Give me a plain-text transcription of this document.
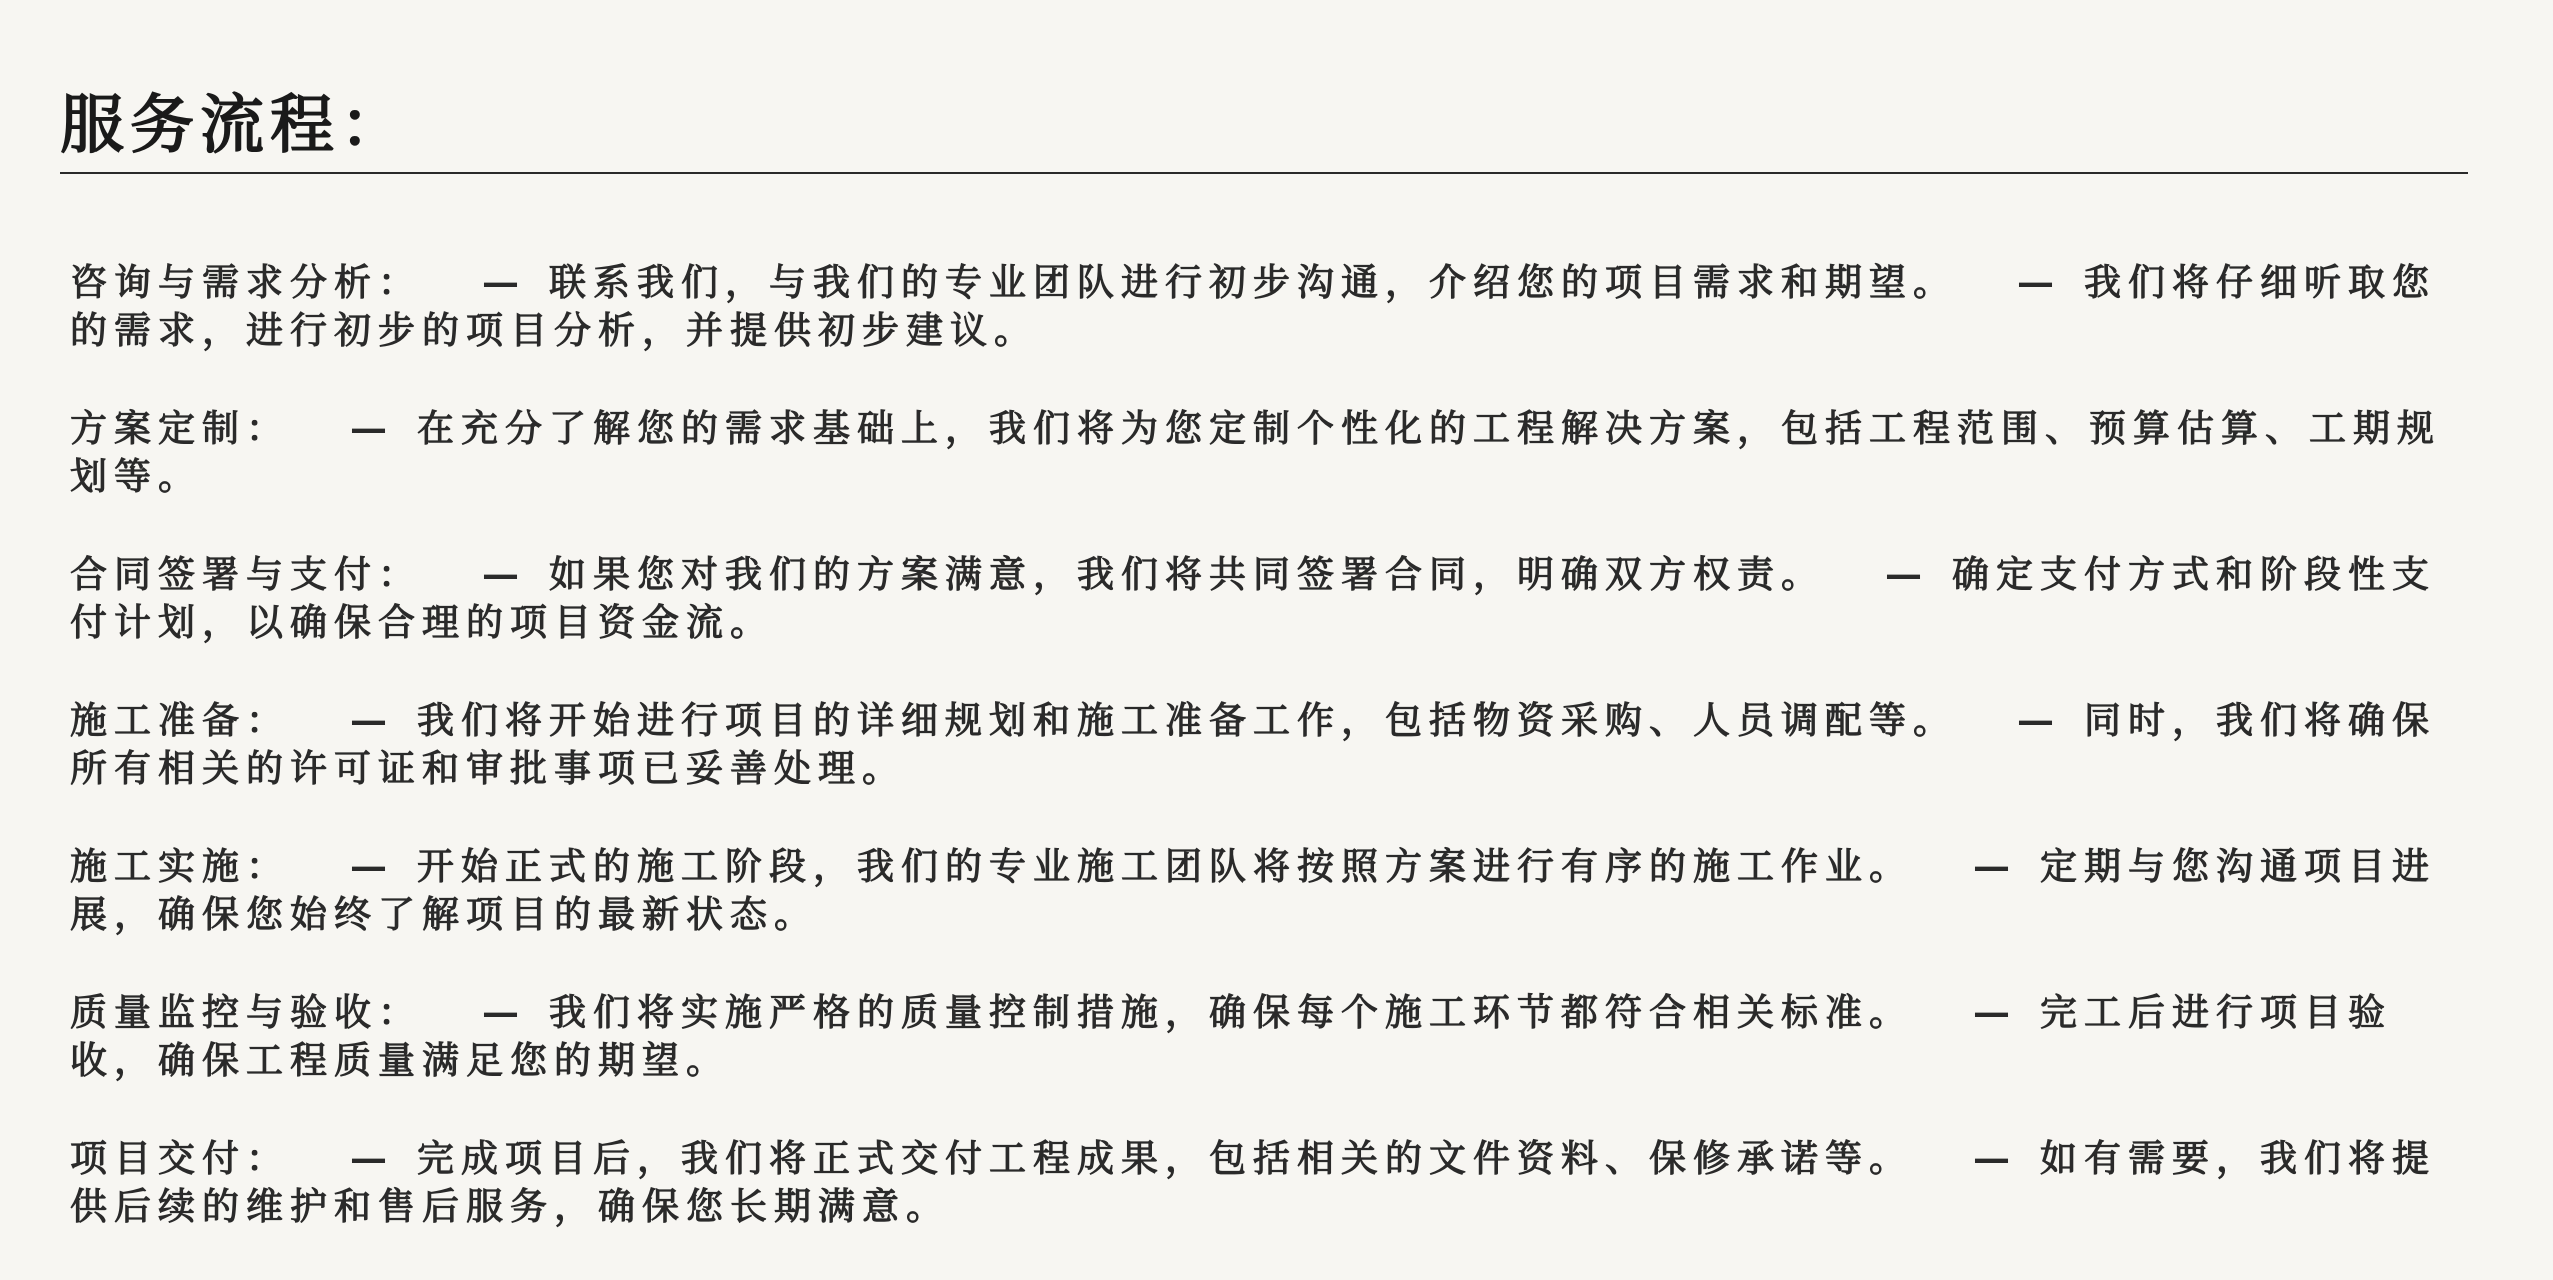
服务流程：

咨询与需求分析： — 联系我们，与我们的专业团队进行初步沟通，介绍您的项目需求和期望。 — 我们将仔细听取您的需求，进行初步的项目分析，并提供初步建议。

方案定制： — 在充分了解您的需求基础上，我们将为您定制个性化的工程解决方案，包括工程范围、预算估算、工期规划等。

合同签署与支付： — 如果您对我们的方案满意，我们将共同签署合同，明确双方权责。 — 确定支付方式和阶段性支付计划，以确保合理的项目资金流。

施工准备： — 我们将开始进行项目的详细规划和施工准备工作，包括物资采购、人员调配等。 — 同时，我们将确保所有相关的许可证和审批事项已妥善处理。

施工实施： — 开始正式的施工阶段，我们的专业施工团队将按照方案进行有序的施工作业。 — 定期与您沟通项目进展，确保您始终了解项目的最新状态。

质量监控与验收： — 我们将实施严格的质量控制措施，确保每个施工环节都符合相关标准。 — 完工后进行项目验收，确保工程质量满足您的期望。

项目交付： — 完成项目后，我们将正式交付工程成果，包括相关的文件资料、保修承诺等。 — 如有需要，我们将提供后续的维护和售后服务，确保您长期满意。
